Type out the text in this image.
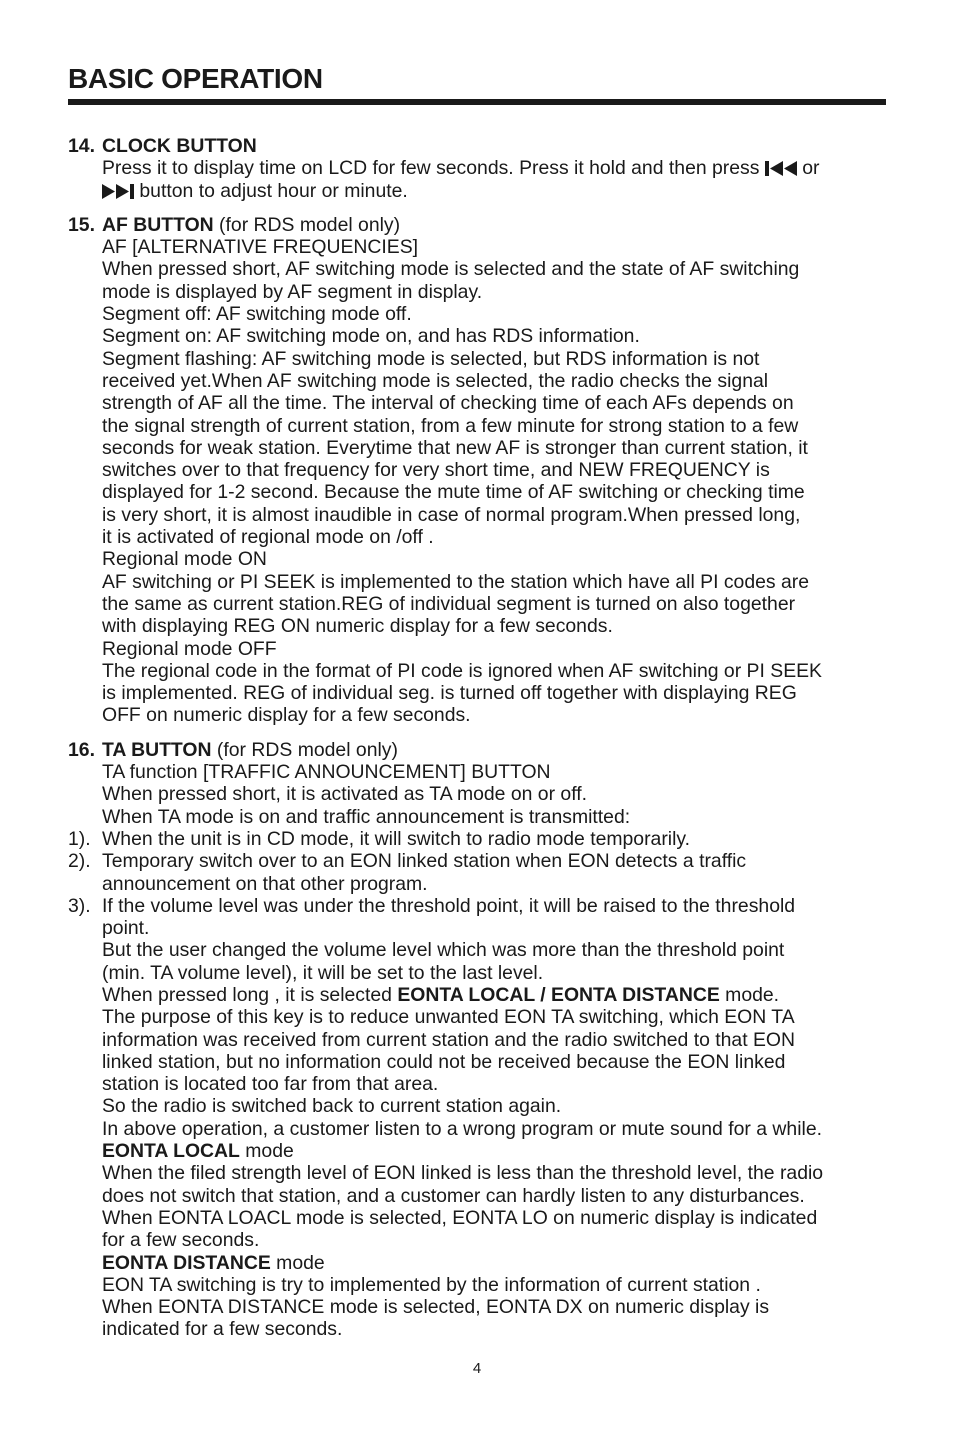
BASIC OPERATION
14. CLOCK BUTTON
Press it to display time on LCD for few seconds. Press it hold and then press or
button to adjust hour or minute.
15. AF BUTTON (for RDS model only)
AF [ALTERNATIVE FREQUENCIES]
When pressed short, AF switching mode is selected and the state of AF switching
mode is displayed by AF segment in display.
Segment off: AF switching mode off.
Segment on: AF switching mode on, and has RDS information.
Segment flashing: AF switching mode is selected, but RDS information is not
received yet.When AF switching mode is selected, the radio checks the signal
strength of AF all the time. The interval of checking time of each AFs depends on
the signal strength of current station, from a few minute for strong station to a few
seconds for weak station. Everytime that new AF is stronger than current station, it
switches over to that frequency for very short time, and NEW FREQUENCY is
displayed for 1-2 second. Because the mute time of AF switching or checking time
is very short, it is almost inaudible in case of normal program.When pressed long,
it is activated of regional mode on /off .
Regional mode ON
AF switching or PI SEEK is implemented to the station which have all PI codes are
the same as current station.REG of individual segment is turned on also together
with displaying REG ON numeric display for a few seconds.
Regional mode OFF
The regional code in the format of PI code is ignored when AF switching or PI SEEK
is implemented. REG of individual seg. is turned off together with displaying REG
OFF on numeric display for a few seconds.
16. TA BUTTON (for RDS model only)
TA function [TRAFFIC ANNOUNCEMENT] BUTTON
When pressed short, it is activated as TA mode on or off.
When TA mode is on and traffic announcement is transmitted:
1). When the unit is in CD mode, it will switch to radio mode temporarily.
2). Temporary switch over to an EON linked station when EON detects a traffic
announcement on that other program.
3). If the volume level was under the threshold point, it will be raised to the threshold
point.
But the user changed the volume level which was more than the threshold point
(min. TA volume level), it will be set to the last level.
When pressed long , it is selected EONTA LOCAL / EONTA DISTANCE mode.
The purpose of this key is to reduce unwanted EON TA switching, which EON TA
information was received from current station and the radio switched to that EON
linked station, but no information could not be received because the EON linked
station is located too far from that area.
So the radio is switched back to current station again.
In above operation, a customer listen to a wrong program or mute sound for a while.
EONTA LOCAL mode
When the filed strength level of EON linked is less than the threshold level, the radio
does not switch that station, and a customer can hardly listen to any disturbances.
When EONTA LOACL mode is selected, EONTA LO on numeric display is indicated
for a few seconds.
EONTA DISTANCE mode
EON TA switching is try to implemented by the information of current station .
When EONTA DISTANCE mode is selected, EONTA DX on numeric display is
indicated for a few seconds.
4
